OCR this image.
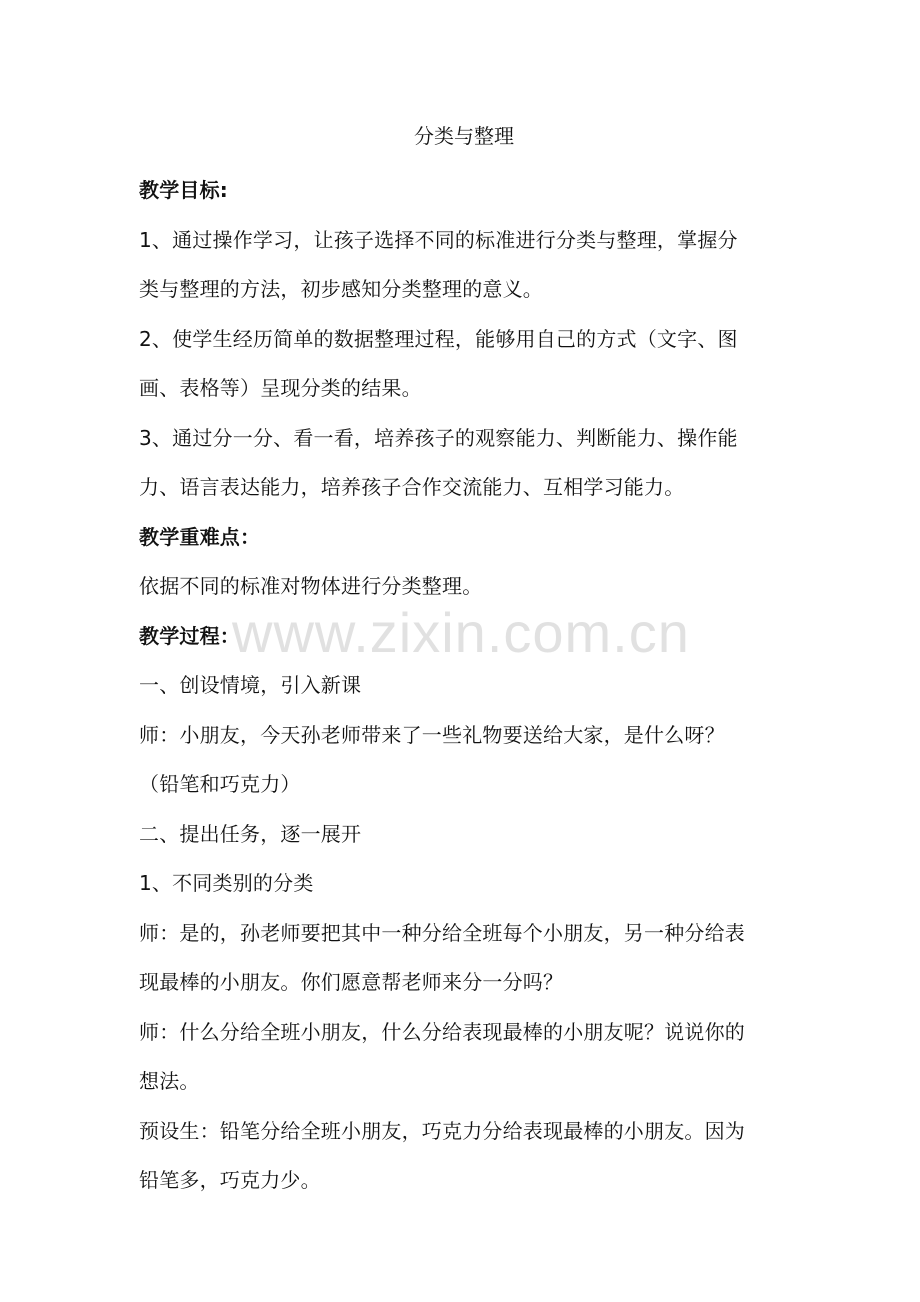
分类与整理
教学目标:
1、通过操作学习，让孩子选择不同的标准进行分类与整理，掌握分
类与整理的方法，初步感知分类整理的意义。
2、使学生经历简单的数据整理过程，能够用自己的方式（文字、图
画、表格等）呈现分类的结果。
3、通过分一分、看一看，培养孩子的观察能力、判断能力、操作能
力、语言表达能力，培养孩子合作交流能力、互相学习能力。
教学重难点：
依据不同的标准对物体进行分类整理。
教学过程：
一、创设情境，引入新课
师：小朋友，今天孙老师带来了一些礼物要送给大家，是什么呀？
（铅笔和巧克力）
二、提出任务，逐一展开
1、不同类别的分类
师：是的，孙老师要把其中一种分给全班每个小朋友，另一种分给表
现最棒的小朋友。你们愿意帮老师来分一分吗？
师：什么分给全班小朋友，什么分给表现最棒的小朋友呢？说说你的
想法。
预设生：铅笔分给全班小朋友，巧克力分给表现最棒的小朋友。因为
铅笔多，巧克力少。
www.zixin.com.cn
